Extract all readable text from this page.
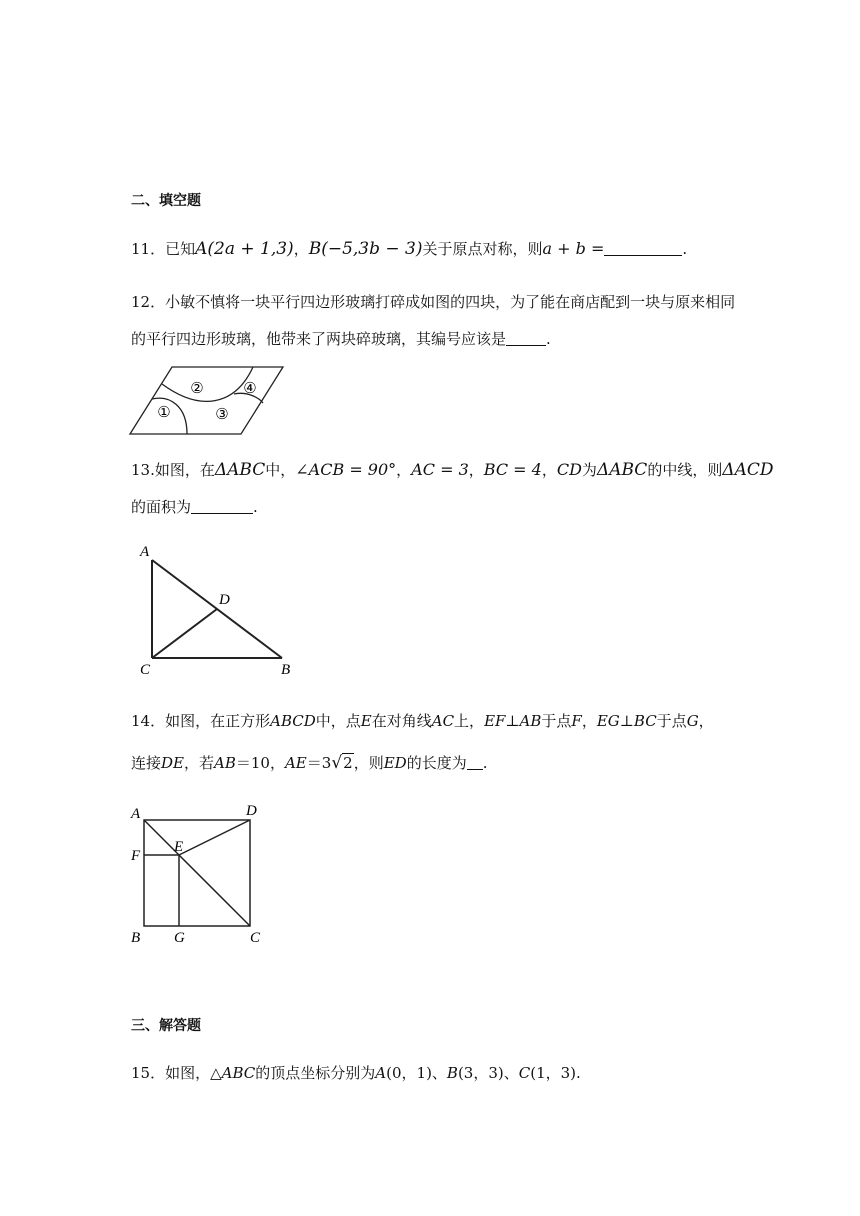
二、填空题
11．已知A(2a + 1,3)，B(−5,3b − 3)关于原点对称，则a + b =	.
12．小敏不慎将一块平行四边形玻璃打碎成如图的四块，为了能在商店配到一块与原来相同
的平行四边形玻璃，他带来了两块碎玻璃，其编号应该是	.
①
②
③
④
13.如图，在ΔABC中，∠ACB = 90°，AC = 3，BC = 4，CD为ΔABC的中线，则ΔACD
的面积为	.
A
D
C	B
14．如图，在正方形ABCD中，点E在对角线AC上，EF⊥AB于点F，EG⊥BC于点G，
连接DE，若AB＝10，AE＝3√2，则ED的长度为 .
A	D
F
E
B G	C
三、解答题
15．如图，△ABC的顶点坐标分别为A(0，1)、B(3，3)、C(1，3).
